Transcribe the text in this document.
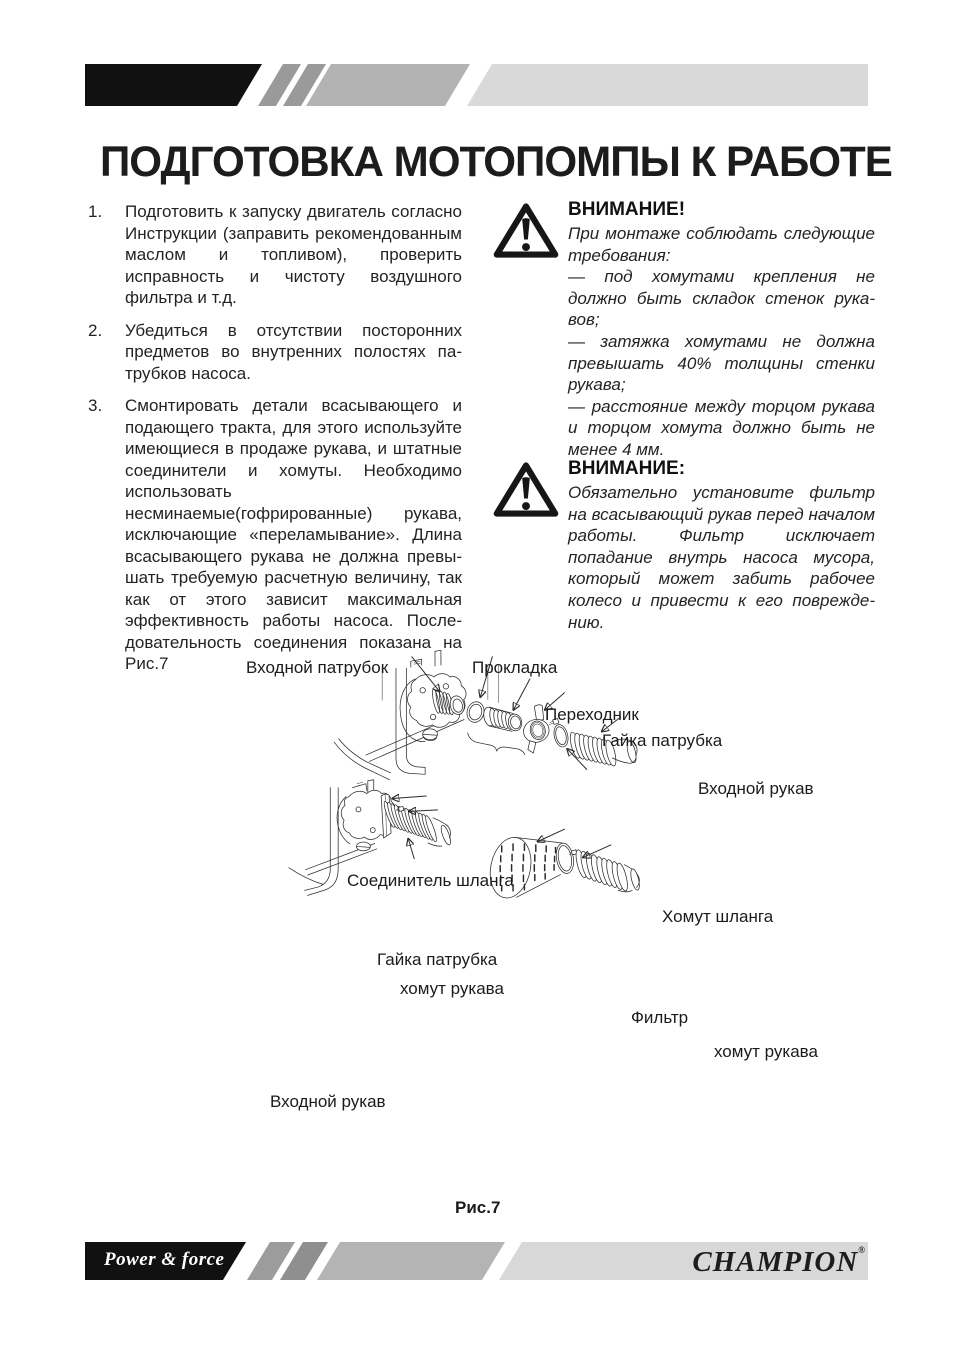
10
ПОДГОТОВКА МОТОПОМПЫ К РАБОТЕ
1.	Подготовить к запуску двигатель согласно Инструкции (заправить рекомендованным маслом и топливом), проверить исправность и чистоту воздушного фильтра и т.д.

2.	Убедиться в отсутствии посторонних предметов во внутренних полостях патрубков насоса.

3.	Смонтировать детали всасывающего и подающего тракта, для этого используйте имеющиеся в продаже рукава, и штатные соединители и хомуты. Необходимо использовать несминаемые(гофрированные) рукава, исключающие «переламывание». Длина всасывающего рукава не должна превышать требуемую расчетную величину, так как от этого зависит максимальная эффективность работы насоса. Последовательность соединения показана на Рис.7

ВНИМАНИЕ!

При монтаже соблюдать следующие требования:

— под хомутами крепления не должно быть складок стенок рукавов;

— затяжка хомутами не должна превышать 40% толщины стенки рукава;

— расстояние между торцом рукава и торцом хомута должно быть не менее 4 мм.

ВНИМАНИЕ:

Обязательно установите фильтр на всасывающий рукав перед началом работы. Фильтр исключает попадание внутрь насоса мусора, который может забить рабочее колесо и привести к его повреждению.

Входной патрубок	Прокладка
Переходник
Гайка патрубка
Входной рукав
Соединитель шланга
Хомут шланга
Гайка патрубка
хомут рукава
Входной рукав
Фильтр
хомут рукава
Рис.7
Power & force	CHAMPION®
